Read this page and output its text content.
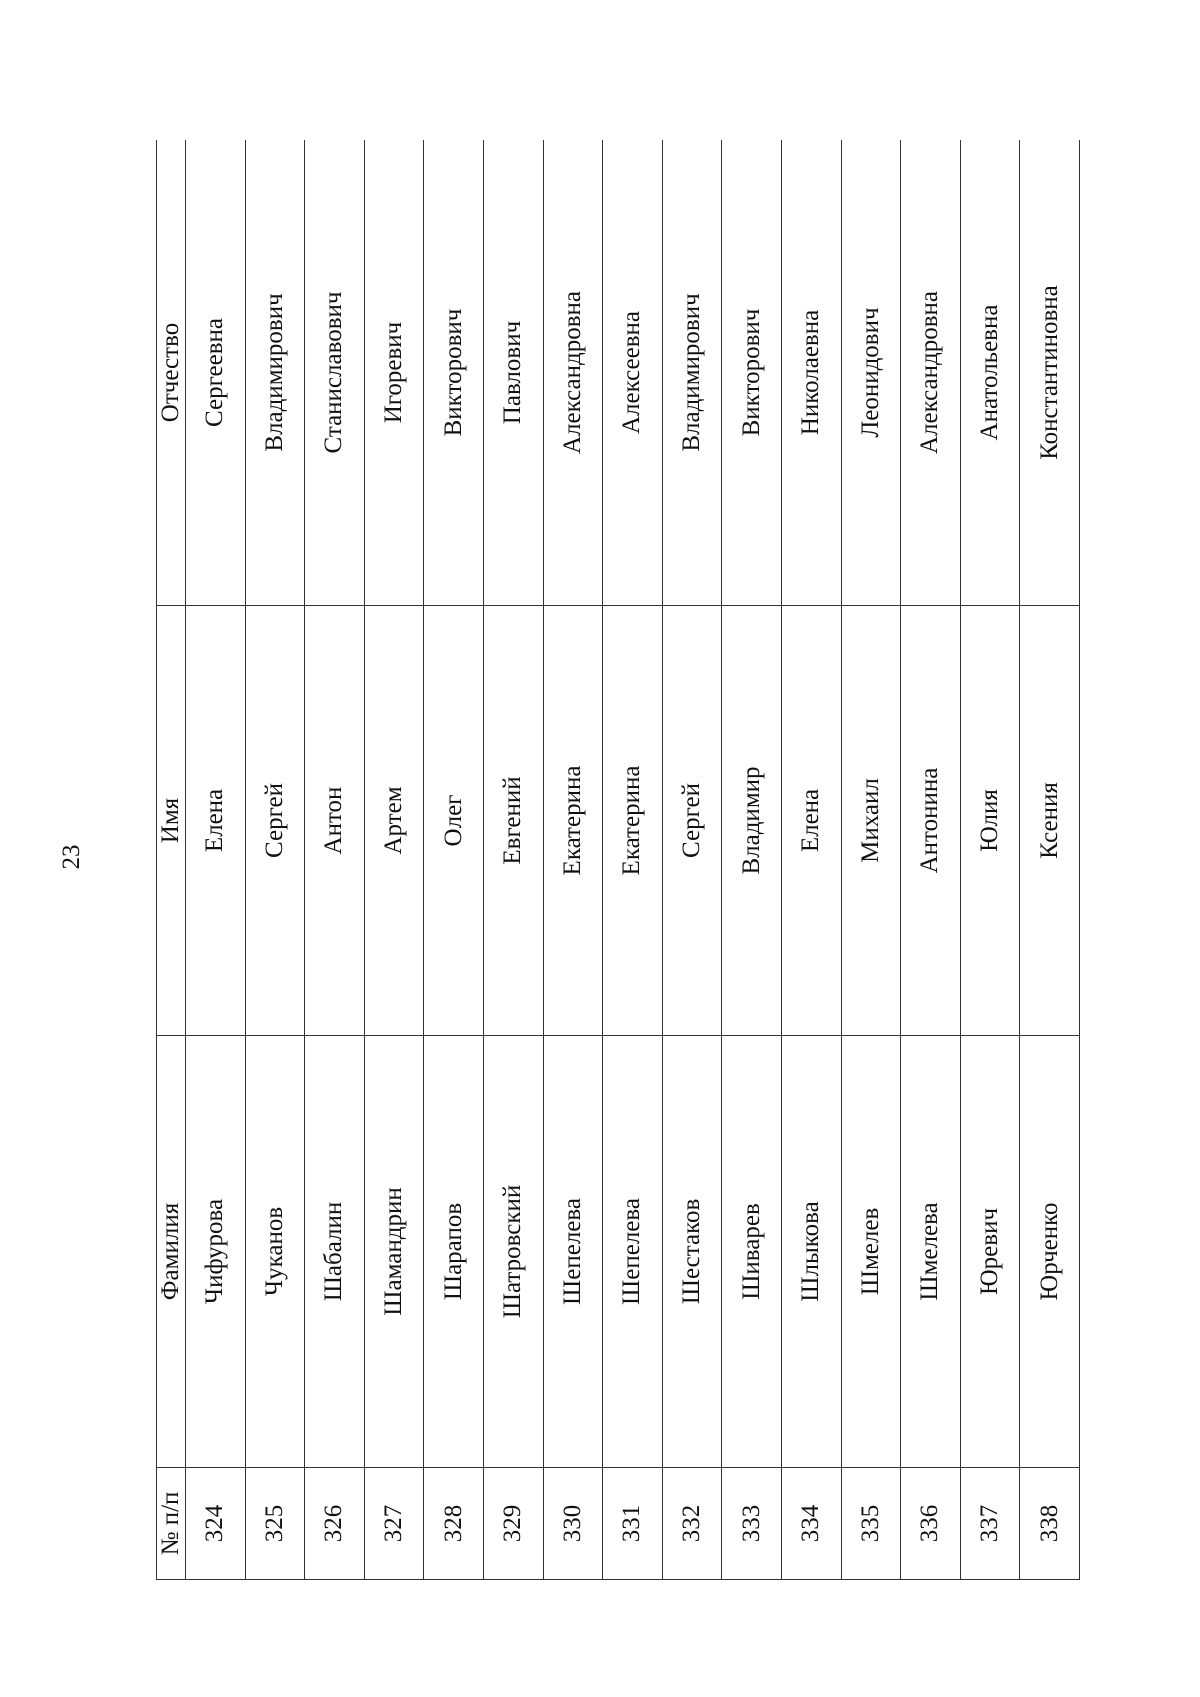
23
№ п/п	Фамилия	Имя	Отчество
324	Чифурова	Елена	Сергеевна
325	Чуканов	Сергей	Владимирович
326	Шабалин	Антон	Станиславович
327	Шамандрин	Артем	Игоревич
328	Шарапов	Олег	Викторович
329	Шатровский	Евгений	Павлович
330	Шепелева	Екатерина	Александровна
331	Шепелева	Екатерина	Алексеевна
332	Шестаков	Сергей	Владимирович
333	Шиварев	Владимир	Викторович
334	Шлыкова	Елена	Николаевна
335	Шмелев	Михаил	Леонидович
336	Шмелева	Антонина	Александровна
337	Юревич	Юлия	Анатольевна
338	Юрченко	Ксения	Константиновна
